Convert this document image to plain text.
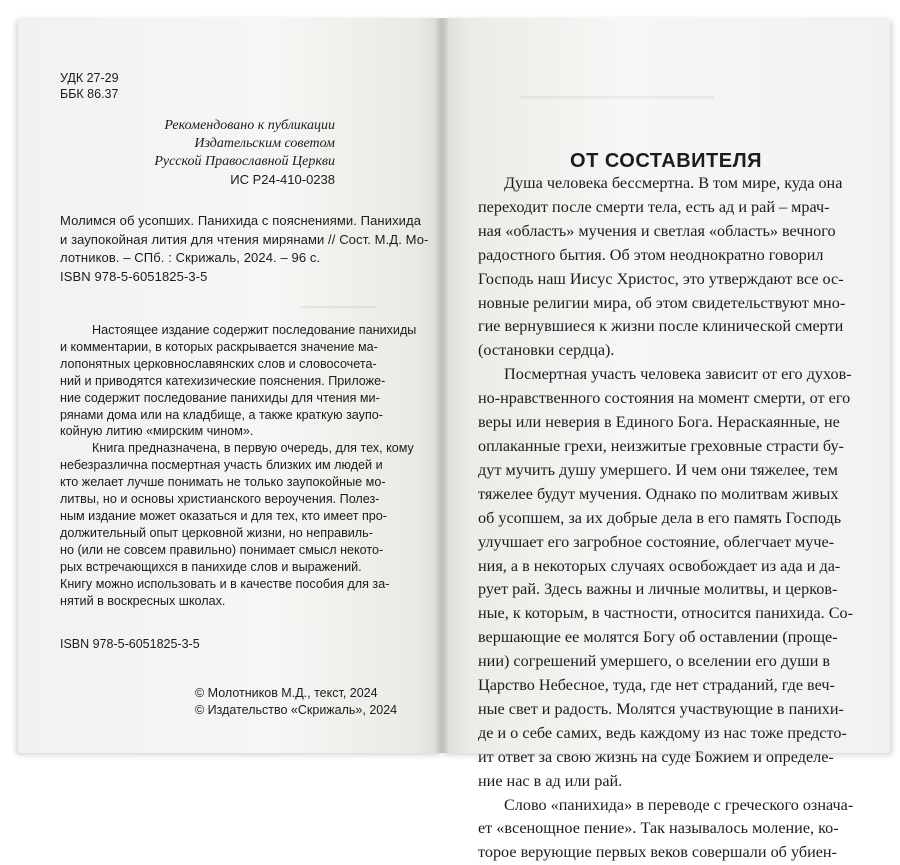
━━━━━━━━━━━━━━━━━━━━━━━
━━━━━━━━━
УДК 27-29
ББК 86.37
Рекомендовано к публикации
Издательским советом
Русской Православной Церкви
ИС Р24-410-0238
Молимся об усопших. Панихида с пояснениями. Панихида
и заупокойная лития для чтения мирянами // Сост. М.Д. Мо-
лотников. – СПб. : Скрижаль, 2024. – 96 с.
ISBN 978-5-6051825-3-5
Настоящее издание содержит последование панихиды
и комментарии, в которых раскрывается значение ма-
лопонятных церковнославянских слов и словосочета-
ний и приводятся катехизические пояснения. Приложе-
ние содержит последование панихиды для чтения ми-
рянами дома или на кладбище, а также краткую заупо-
койную литию «мирским чином».
Книга предназначена, в первую очередь, для тех, кому
небезразлична посмертная участь близких им людей и
кто желает лучше понимать не только заупокойные мо-
литвы, но и основы христианского вероучения. Полез-
ным издание может оказаться и для тех, кто имеет про-
должительный опыт церковной жизни, но неправиль-
но (или не совсем правильно) понимает смысл некото-
рых встречающихся в панихиде слов и выражений.
Книгу можно использовать и в качестве пособия для за-
нятий в воскресных школах.
ISBN 978-5-6051825-3-5
© Молотников М.Д., текст, 2024
© Издательство «Скрижаль», 2024
ОТ СОСТАВИТЕЛЯ
Душа человека бессмертна. В том мире, куда она
переходит после смерти тела, есть ад и рай – мрач-
ная «область» мучения и светлая «область» вечного
радостного бытия. Об этом неоднократно говорил
Господь наш Иисус Христос, это утверждают все ос-
новные религии мира, об этом свидетельствуют мно-
гие вернувшиеся к жизни после клинической смерти
(остановки сердца).
Посмертная участь человека зависит от его духов-
но-нравственного состояния на момент смерти, от его
веры или неверия в Единого Бога. Нераскаянные, не
оплаканные грехи, неизжитые греховные страсти бу-
дут мучить душу умершего. И чем они тяжелее, тем
тяжелее будут мучения. Однако по молитвам живых
об усопшем, за их добрые дела в его память Господь
улучшает его загробное состояние, облегчает муче-
ния, а в некоторых случаях освобождает из ада и да-
рует рай. Здесь важны и личные молитвы, и церков-
ные, к которым, в частности, относится панихида. Со-
вершающие ее молятся Богу об оставлении (проще-
нии) согрешений умершего, о вселении его души в
Царство Небесное, туда, где нет страданий, где веч-
ные свет и радость. Молятся участвующие в панихи-
де и о себе самих, ведь каждому из нас тоже предсто-
ит ответ за свою жизнь на суде Божием и определе-
ние нас в ад или рай.
Слово «панихида» в переводе с греческого означа-
ет «всенощное пение». Так называлось моление, ко-
торое верующие первых веков совершали об убиен-
